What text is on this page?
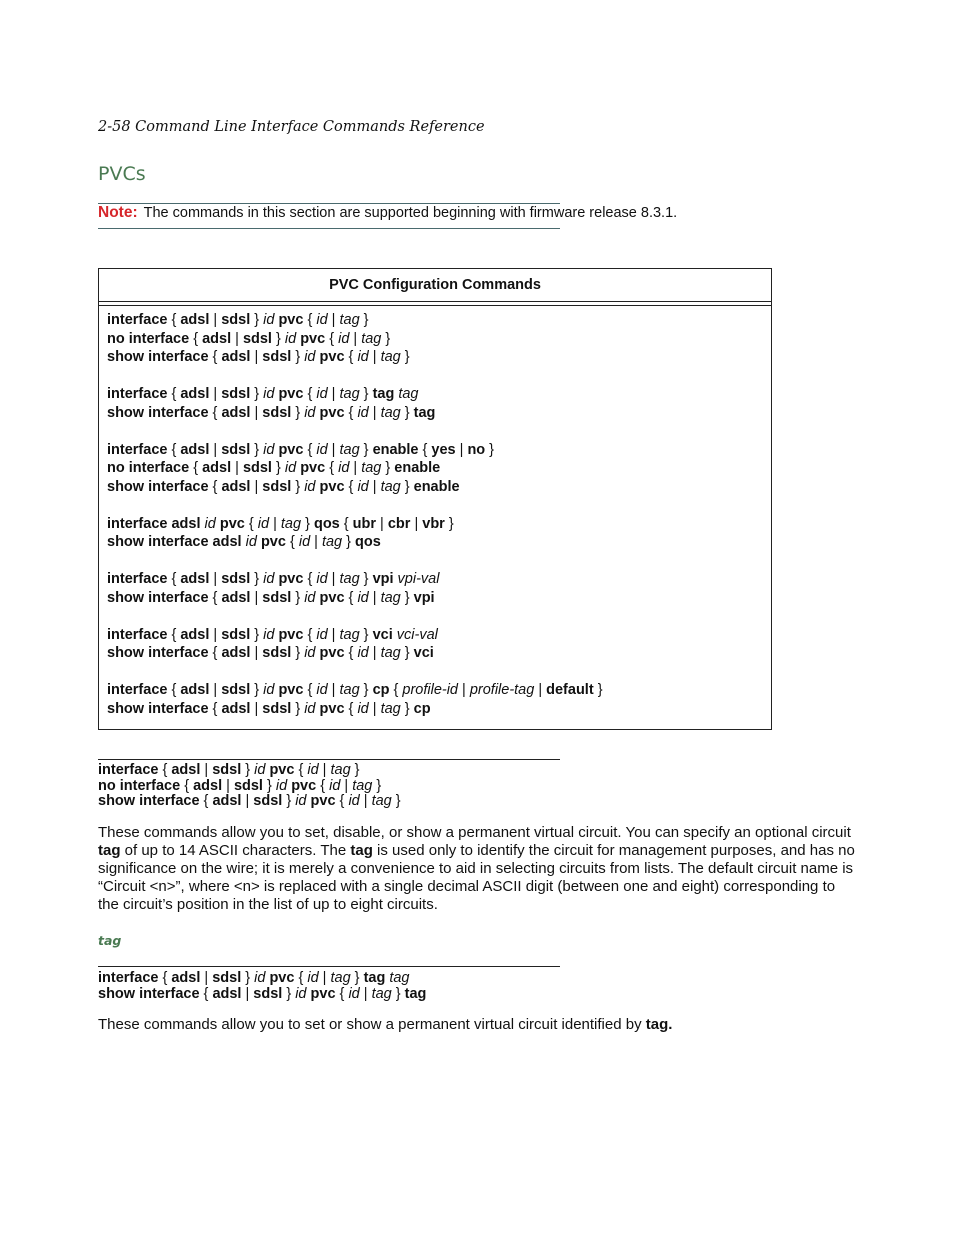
2-58 Command Line Interface Commands Reference
PVCs
Note: The commands in this section are supported beginning with firmware release 8.3.1.
PVC Configuration Commands
interface { adsl | sdsl } id pvc { id | tag }
no interface { adsl | sdsl } id pvc { id | tag }
show interface { adsl | sdsl } id pvc { id | tag }
interface { adsl | sdsl } id pvc { id | tag } tag tag
show interface { adsl | sdsl } id pvc { id | tag } tag
interface { adsl | sdsl } id pvc { id | tag } enable { yes | no }
no interface { adsl | sdsl } id pvc { id | tag } enable
show interface { adsl | sdsl } id pvc { id | tag } enable
interface adsl id pvc { id | tag } qos { ubr | cbr | vbr }
show interface adsl id pvc { id | tag } qos
interface { adsl | sdsl } id pvc { id | tag } vpi vpi-val
show interface { adsl | sdsl } id pvc { id | tag } vpi
interface { adsl | sdsl } id pvc { id | tag } vci vci-val
show interface { adsl | sdsl } id pvc { id | tag } vci
interface { adsl | sdsl } id pvc { id | tag } cp { profile-id | profile-tag | default }
show interface { adsl | sdsl } id pvc { id | tag } cp
interface { adsl | sdsl } id pvc { id | tag }
no interface { adsl | sdsl } id pvc { id | tag }
show interface { adsl | sdsl } id pvc { id | tag }
These commands allow you to set, disable, or show a permanent virtual circuit. You can specify an optional circuit tag of up to 14 ASCII characters. The tag is used only to identify the circuit for management purposes, and has no significance on the wire; it is merely a convenience to aid in selecting circuits from lists. The default circuit name is “Circuit <n>”, where <n> is replaced with a single decimal ASCII digit (between one and eight) corresponding to the circuit’s position in the list of up to eight circuits.
tag
interface { adsl | sdsl } id pvc { id | tag } tag tag
show interface { adsl | sdsl } id pvc { id | tag } tag
These commands allow you to set or show a permanent virtual circuit identified by tag.
